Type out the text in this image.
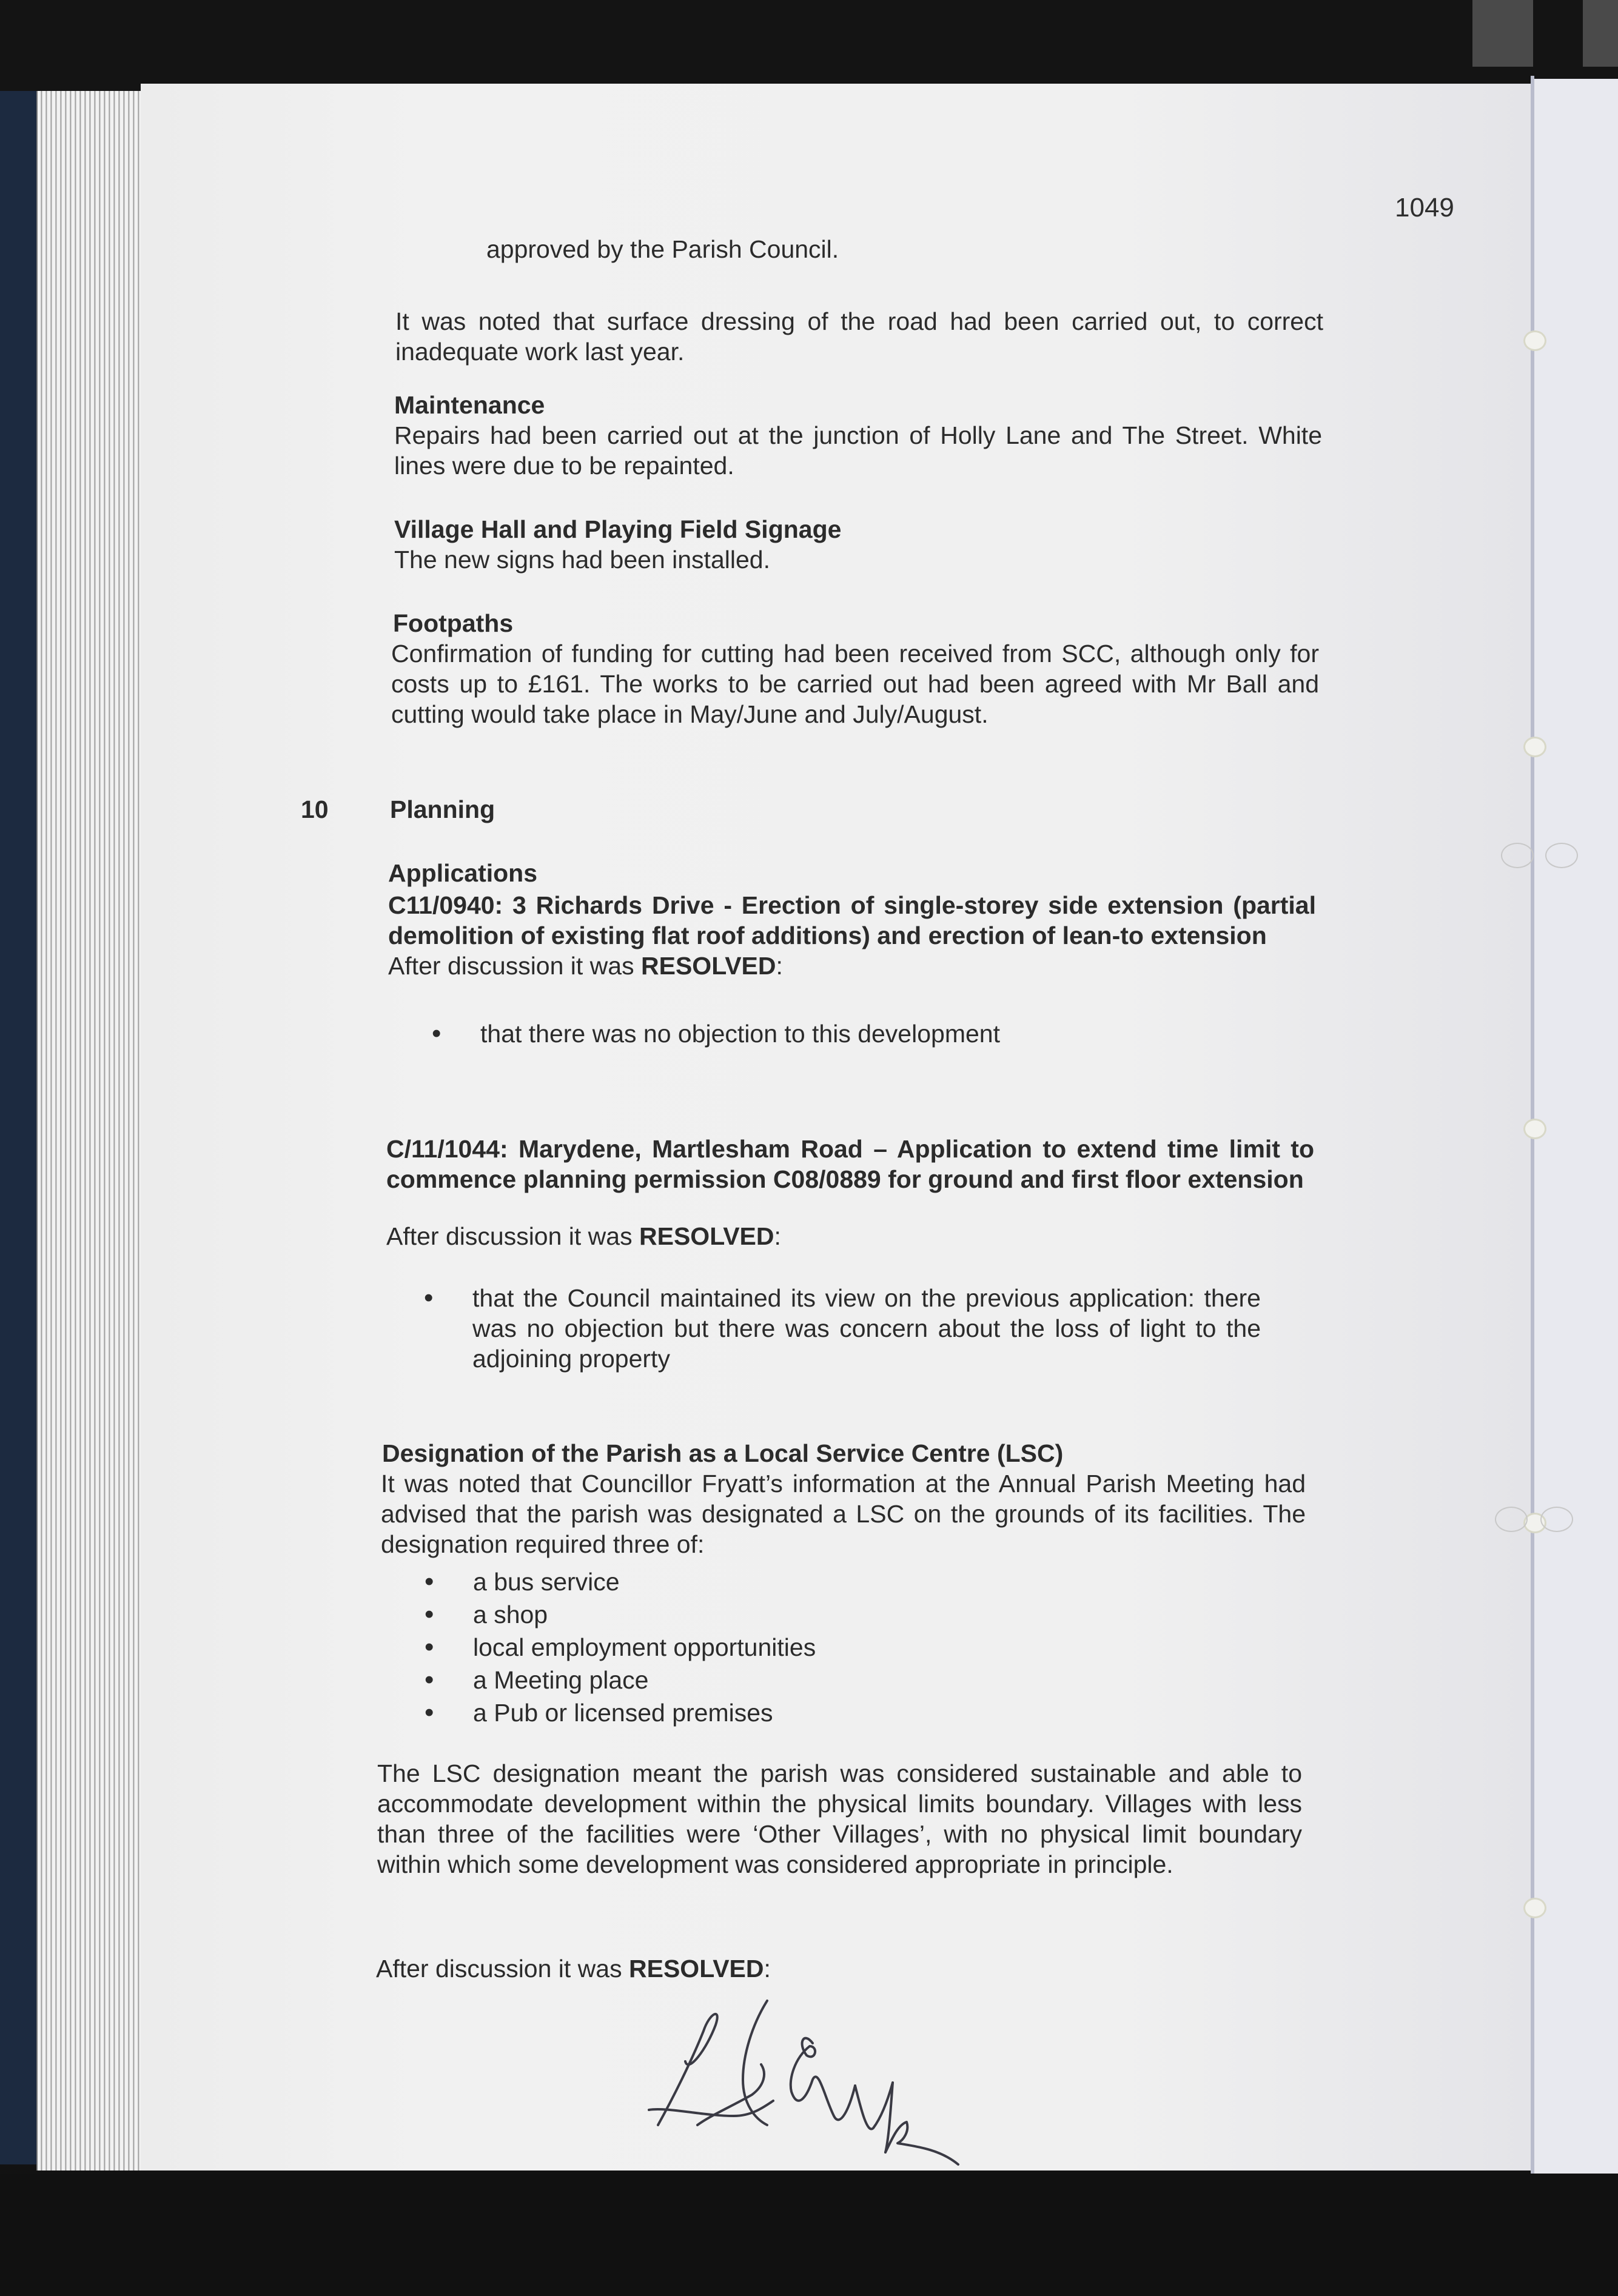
1049

approved by the Parish Council.

It was noted that surface dressing of the road had been carried out, to correct inadequate work last year.

Maintenance

Repairs had been carried out at the junction of Holly Lane and The Street. White lines were due to be repainted.

Village Hall and Playing Field Signage

The new signs had been installed.

Footpaths

Confirmation of funding for cutting had been received from SCC, although only for costs up to £161. The works to be carried out had been agreed with Mr Ball and cutting would take place in May/June and July/August.

10 Planning

Applications

C11/0940: 3 Richards Drive - Erection of single-storey side extension (partial demolition of existing flat roof additions) and erection of lean-to extension

After discussion it was RESOLVED:

• that there was no objection to this development

C/11/1044: Marydene, Martlesham Road – Application to extend time limit to commence planning permission C08/0889 for ground and first floor extension

After discussion it was RESOLVED:

• that the Council maintained its view on the previous application: there was no objection but there was concern about the loss of light to the adjoining property

Designation of the Parish as a Local Service Centre (LSC)

It was noted that Councillor Fryatt’s information at the Annual Parish Meeting had advised that the parish was designated a LSC on the grounds of its facilities. The designation required three of:

• a bus service
• a shop
• local employment opportunities
• a Meeting place
• a Pub or licensed premises

The LSC designation meant the parish was considered sustainable and able to accommodate development within the physical limits boundary. Villages with less than three of the facilities were ‘Other Villages’, with no physical limit boundary within which some development was considered appropriate in principle.

After discussion it was RESOLVED:
